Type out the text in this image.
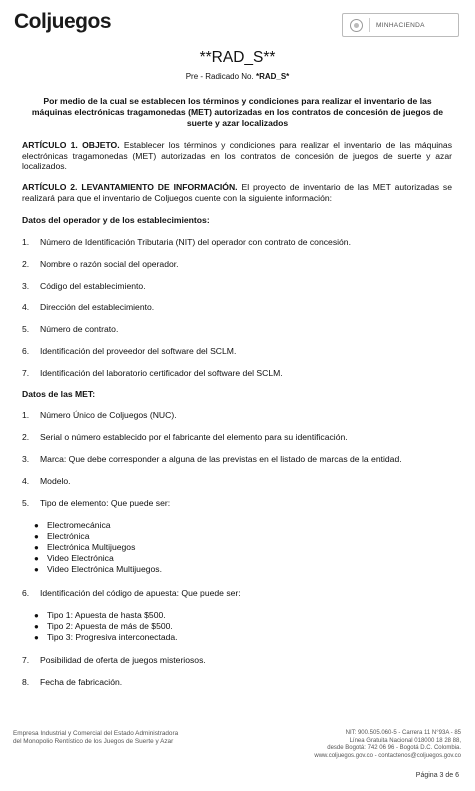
Coljuegos	MINHACIENDA
**RAD_S**
Pre - Radicado No. *RAD_S*
Por medio de la cual se establecen los términos y condiciones para realizar el inventario de las máquinas electrónicas tragamonedas (MET) autorizadas en los contratos de concesión de juegos de suerte y azar localizados
ARTÍCULO 1. OBJETO. Establecer los términos y condiciones para realizar el inventario de las máquinas electrónicas tragamonedas (MET) autorizadas en los contratos de concesión de juegos de suerte y azar localizados.
ARTÍCULO 2. LEVANTAMIENTO DE INFORMACIÓN. El proyecto de inventario de las MET autorizadas se realizará para que el inventario de Coljuegos cuente con la siguiente información:
Datos del operador y de los establecimientos:
1. Número de Identificación Tributaria (NIT) del operador con contrato de concesión.
2. Nombre o razón social del operador.
3. Código del establecimiento.
4. Dirección del establecimiento.
5. Número de contrato.
6. Identificación del proveedor del software del SCLM.
7. Identificación del laboratorio certificador del software del SCLM.
Datos de las MET:
1. Número Único de Coljuegos (NUC).
2. Serial o número establecido por el fabricante del elemento para su identificación.
3. Marca: Que debe corresponder a alguna de las previstas en el listado de marcas de la entidad.
4. Modelo.
5. Tipo de elemento: Que puede ser:
● Electromecánica
● Electrónica
● Electrónica Multijuegos
● Video Electrónica
● Video Electrónica Multijuegos.
6. Identificación del código de apuesta: Que puede ser:
● Tipo 1: Apuesta de hasta $500.
● Tipo 2: Apuesta de más de $500.
● Tipo 3: Progresiva interconectada.
7. Posibilidad de oferta de juegos misteriosos.
8. Fecha de fabricación.
Empresa Industrial y Comercial del Estado Administradora
del Monopolio Rentístico de los Juegos de Suerte y Azar
NIT: 900.505.060-5 - Carrera 11 N°93A - 85
Línea Gratuita Nacional 018000 18 28 88,
desde Bogotá: 742 06 96 - Bogotá D.C. Colombia.
www.coljuegos.gov.co - contactenos@coljuegos.gov.co
Página 3 de 6
